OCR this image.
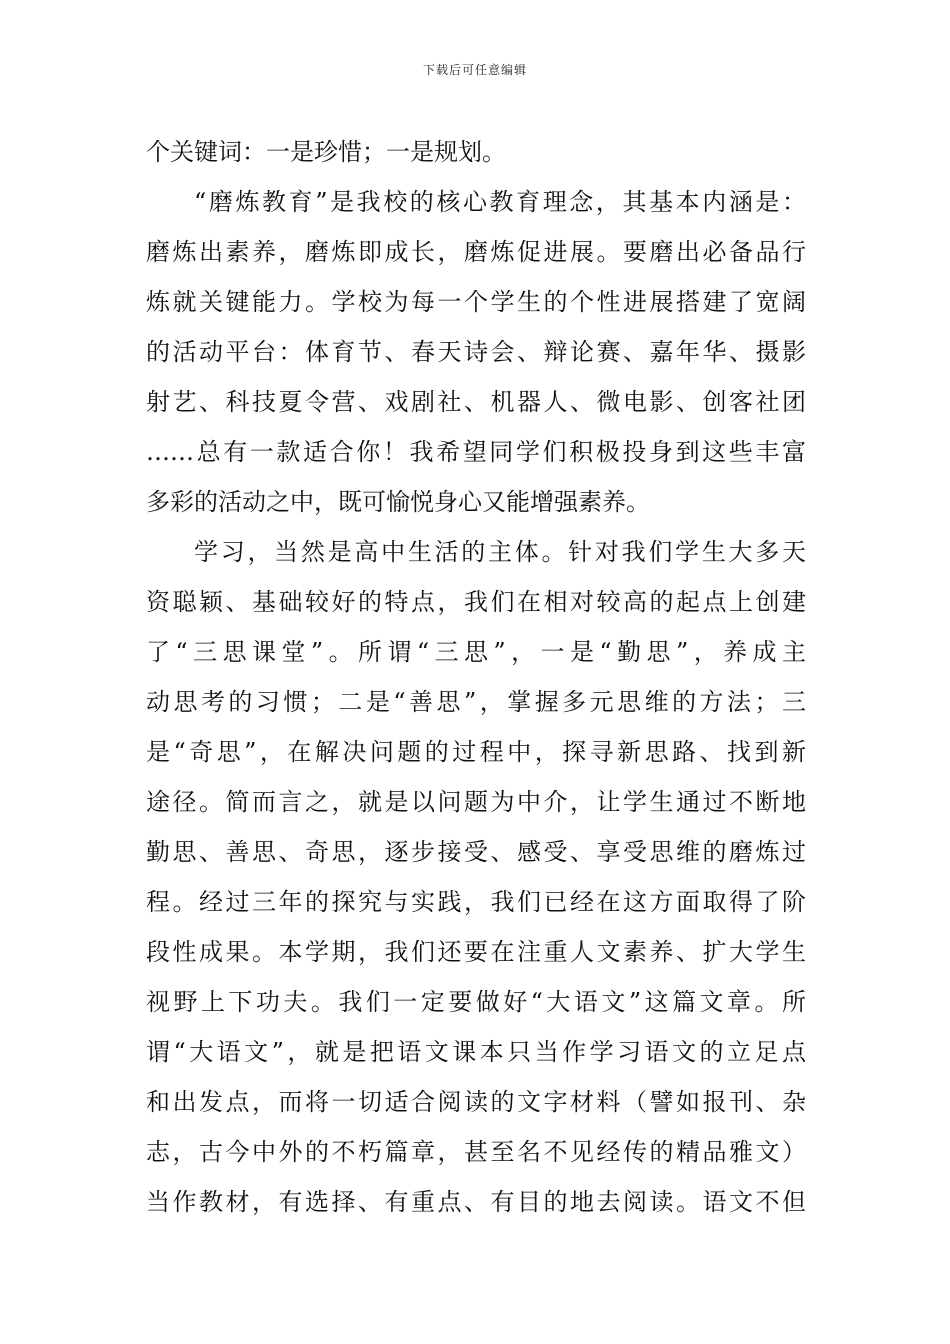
下载后可任意编辑
个关键词：一是珍惜；一是规划。
“磨炼教育”是我校的核心教育理念，其基本内涵是：
磨炼出素养，磨炼即成长，磨炼促进展。要磨出必备品行
炼就关键能力。学校为每一个学生的个性进展搭建了宽阔
的活动平台：体育节、春天诗会、辩论赛、嘉年华、摄影
射艺、科技夏令营、戏剧社、机器人、微电影、创客社团
……总有一款适合你！我希望同学们积极投身到这些丰富
多彩的活动之中，既可愉悦身心又能增强素养。
学习，当然是高中生活的主体。针对我们学生大多天
资聪颖、基础较好的特点，我们在相对较高的起点上创建
了“三思课堂”。所谓“三思”，一是“勤思”，养成主
动思考的习惯；二是“善思”，掌握多元思维的方法；三
是“奇思”，在解决问题的过程中，探寻新思路、找到新
途径。简而言之，就是以问题为中介，让学生通过不断地
勤思、善思、奇思，逐步接受、感受、享受思维的磨炼过
程。经过三年的探究与实践，我们已经在这方面取得了阶
段性成果。本学期，我们还要在注重人文素养、扩大学生
视野上下功夫。我们一定要做好“大语文”这篇文章。所
谓“大语文”，就是把语文课本只当作学习语文的立足点
和出发点，而将一切适合阅读的文字材料（譬如报刊、杂
志，古今中外的不朽篇章，甚至名不见经传的精品雅文）
当作教材，有选择、有重点、有目的地去阅读。语文不但
